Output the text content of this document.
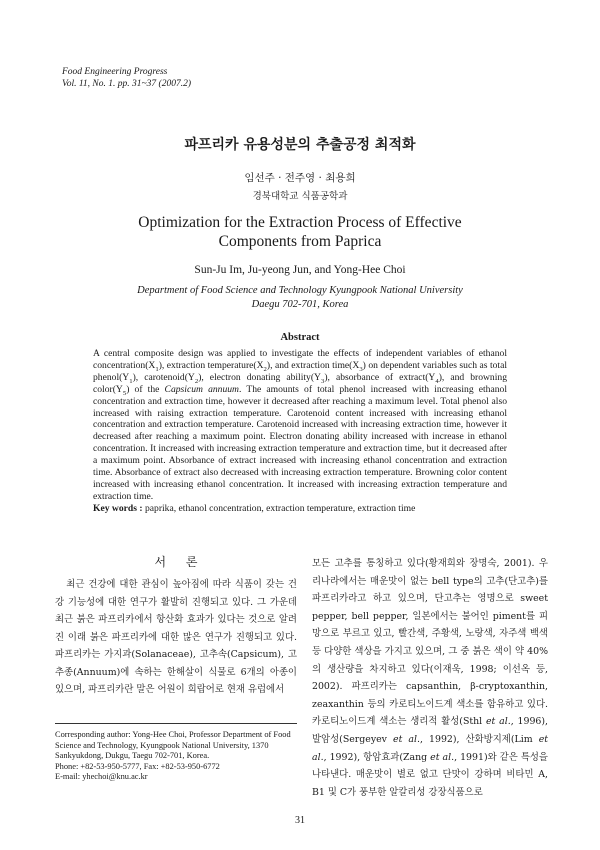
Food Engineering Progress
Vol. 11, No. 1. pp. 31~37 (2007.2)
파프리카 유용성분의 추출공정 최적화
임선주 · 전주영 · 최용희
경북대학교 식품공학과
Optimization for the Extraction Process of Effective
Components from Paprica
Sun-Ju Im, Ju-yeong Jun, and Yong-Hee Choi
Department of Food Science and Technology Kyungpook National University
Daegu 702-701, Korea
Abstract
A central composite design was applied to investigate the effects of independent variables of ethanol $concentration(X_1)$, extraction $temperature(X_2)$, and extraction $time(X_3)$ on dependent variables such as total $phenol(Y_1)$, $carotenoid(Y_2)$, electron donating $ability(Y_3)$, absorbance of $extract(Y_4)$, and browning $color(Y_5)$ of the Capsicum annuum. The amounts of total phenol increased with increasing ethanol concentration and extraction time, however it decreased after reaching a maximum level. Total phenol also increased with raising extraction temperature. Carotenoid content increased with increasing ethanol concentration and extraction temperature. Carotenoid increased with increasing extraction time, however it decreased after reaching a maximum point. Electron donating ability increased with increase in ethanol concentration. It increased with increasing extraction temperature and extraction time, but it decreased after a maximum point. Absorbance of extract increased with increasing ethanol concentration and extraction time. Absorbance of extract also decreased with increasing extraction temperature. Browning color content increased with increasing ethanol concentration. It increased with increasing extraction temperature and extraction time.
Key words : paprika, ethanol concentration, extraction temperature, extraction time
서 론
최근 건강에 대한 관심이 높아짐에 따라 식품이 갖는 건강 기능성에 대한 연구가 활발히 진행되고 있다. 그 가운데 최근 붉은 파프리카에서 항산화 효과가 있다는 것으로 알려진 이래 붉은 파프리카에 대한 많은 연구가 진행되고 있다. 파프리카는 가지과(Solanaceae), 고추속(Capsicum), 고추종(Annuum)에 속하는 한해살이 식물로 6개의 아종이 있으며, 파프리카란 말은 어원이 희랍어로 현재 유럽에서
모든 고추를 통칭하고 있다(황재희와 장명숙, 2001). 우리나라에서는 매운맛이 없는 bell type의 고추(단고추)를 파프리카라고 하고 있으며, 단고추는 영명으로 sweet pepper, bell pepper, 일본에서는 불어인 piment를 피망으로 부르고 있고, 빨간색, 주황색, 노랑색, 자주색 백색 등 다양한 색상을 가지고 있으며, 그 중 붉은 색이 약 40%의 생산량을 차지하고 있다(이재욱, 1998; 이선옥 등, 2002). 파프리카는 capsanthin, β-cryptoxanthin, zeaxanthin 등의 카로티노이드계 색소를 함유하고 있다. 카로티노이드계 색소는 생리적 활성(Sthl et al., 1996), 발암성(Sergeyev et al., 1992), 산화방지제(Lim et al., 1992), 항암효과(Zang et al., 1991)와 같은 특성을 나타낸다. 매운맛이 별로 없고 단맛이 강하며 비타민 A, B1 및 C가 풍부한 알칼리성 강장식품으로
Corresponding author: Yong-Hee Choi, Professor Department of Food Science and Technology, Kyungpook National University, 1370 Sankyukdong, Dukgu, Taegu 702-701, Korea.
Phone: +82-53-950-5777, Fax: +82-53-950-6772
E-mail: yhechoi@knu.ac.kr
31
